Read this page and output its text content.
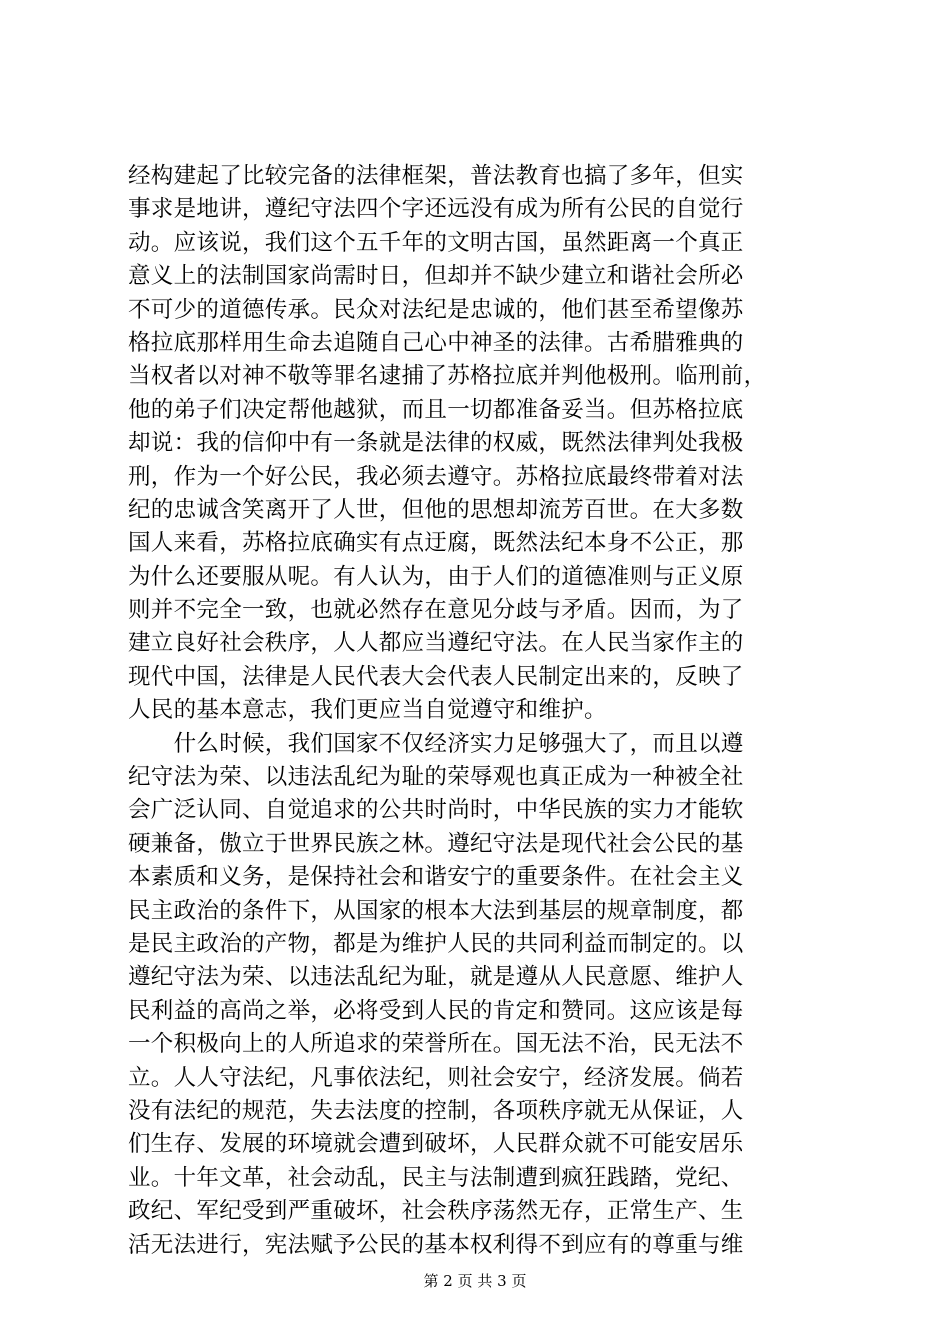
经构建起了比较完备的法律框架，普法教育也搞了多年，但实
事求是地讲，遵纪守法四个字还远没有成为所有公民的自觉行
动。应该说，我们这个五千年的文明古国，虽然距离一个真正
意义上的法制国家尚需时日，但却并不缺少建立和谐社会所必
不可少的道德传承。民众对法纪是忠诚的，他们甚至希望像苏
格拉底那样用生命去追随自己心中神圣的法律。古希腊雅典的
当权者以对神不敬等罪名逮捕了苏格拉底并判他极刑。临刑前，
他的弟子们决定帮他越狱，而且一切都准备妥当。但苏格拉底
却说：我的信仰中有一条就是法律的权威，既然法律判处我极
刑，作为一个好公民，我必须去遵守。苏格拉底最终带着对法
纪的忠诚含笑离开了人世，但他的思想却流芳百世。在大多数
国人来看，苏格拉底确实有点迂腐，既然法纪本身不公正，那
为什么还要服从呢。有人认为，由于人们的道德准则与正义原
则并不完全一致，也就必然存在意见分歧与矛盾。因而，为了
建立良好社会秩序，人人都应当遵纪守法。在人民当家作主的
现代中国，法律是人民代表大会代表人民制定出来的，反映了
人民的基本意志，我们更应当自觉遵守和维护。
　　什么时候，我们国家不仅经济实力足够强大了，而且以遵
纪守法为荣、以违法乱纪为耻的荣辱观也真正成为一种被全社
会广泛认同、自觉追求的公共时尚时，中华民族的实力才能软
硬兼备，傲立于世界民族之林。遵纪守法是现代社会公民的基
本素质和义务，是保持社会和谐安宁的重要条件。在社会主义
民主政治的条件下，从国家的根本大法到基层的规章制度，都
是民主政治的产物，都是为维护人民的共同利益而制定的。以
遵纪守法为荣、以违法乱纪为耻，就是遵从人民意愿、维护人
民利益的高尚之举，必将受到人民的肯定和赞同。这应该是每
一个积极向上的人所追求的荣誉所在。国无法不治，民无法不
立。人人守法纪，凡事依法纪，则社会安宁，经济发展。倘若
没有法纪的规范，失去法度的控制，各项秩序就无从保证，人
们生存、发展的环境就会遭到破坏，人民群众就不可能安居乐
业。十年文革，社会动乱，民主与法制遭到疯狂践踏，党纪、
政纪、军纪受到严重破坏，社会秩序荡然无存，正常生产、生
活无法进行，宪法赋予公民的基本权利得不到应有的尊重与维
第 2 页 共 3 页
